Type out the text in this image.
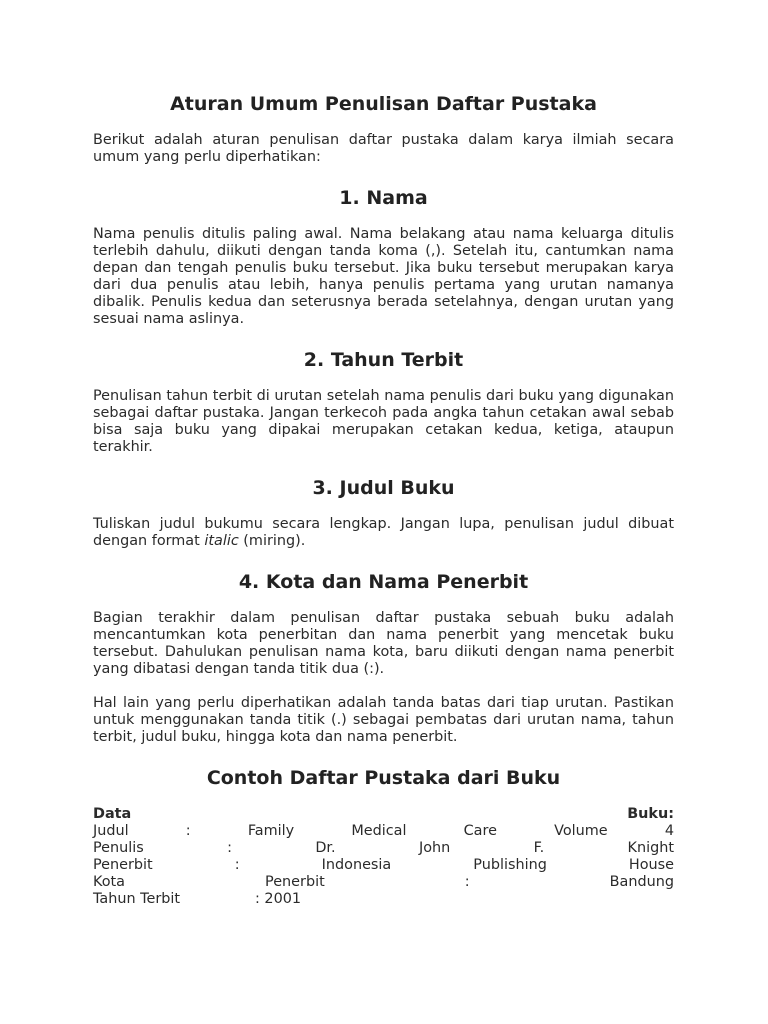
Aturan Umum Penulisan Daftar Pustaka

Berikut adalah aturan penulisan daftar pustaka dalam karya ilmiah secara umum yang perlu diperhatikan:

1. Nama

Nama penulis ditulis paling awal. Nama belakang atau nama keluarga ditulis terlebih dahulu, diikuti dengan tanda koma (,). Setelah itu, cantumkan nama depan dan tengah penulis buku tersebut. Jika buku tersebut merupakan karya dari dua penulis atau lebih, hanya penulis pertama yang urutan namanya dibalik. Penulis kedua dan seterusnya berada setelahnya, dengan urutan yang sesuai nama aslinya.

2. Tahun Terbit

Penulisan tahun terbit di urutan setelah nama penulis dari buku yang digunakan sebagai daftar pustaka. Jangan terkecoh pada angka tahun cetakan awal sebab bisa saja buku yang dipakai merupakan cetakan kedua, ketiga, ataupun terakhir.

3. Judul Buku

Tuliskan judul bukumu secara lengkap. Jangan lupa, penulisan judul dibuat dengan format italic (miring).

4. Kota dan Nama Penerbit

Bagian terakhir dalam penulisan daftar pustaka sebuah buku adalah mencantumkan kota penerbitan dan nama penerbit yang mencetak buku tersebut. Dahulukan penulisan nama kota, baru diikuti dengan nama penerbit yang dibatasi dengan tanda titik dua (:).

Hal lain yang perlu diperhatikan adalah tanda batas dari tiap urutan. Pastikan untuk menggunakan tanda titik (.) sebagai pembatas dari urutan nama, tahun terbit, judul buku, hingga kota dan nama penerbit.

Contoh Daftar Pustaka dari Buku
Data	Buku:
Judul	:	Family	Medical	Care	Volume	4
Penulis	:	Dr.	John	F.	Knight
Penerbit	:	Indonesia	Publishing	House
Kota	Penerbit	:	Bandung
Tahun Terbit	: 2001
